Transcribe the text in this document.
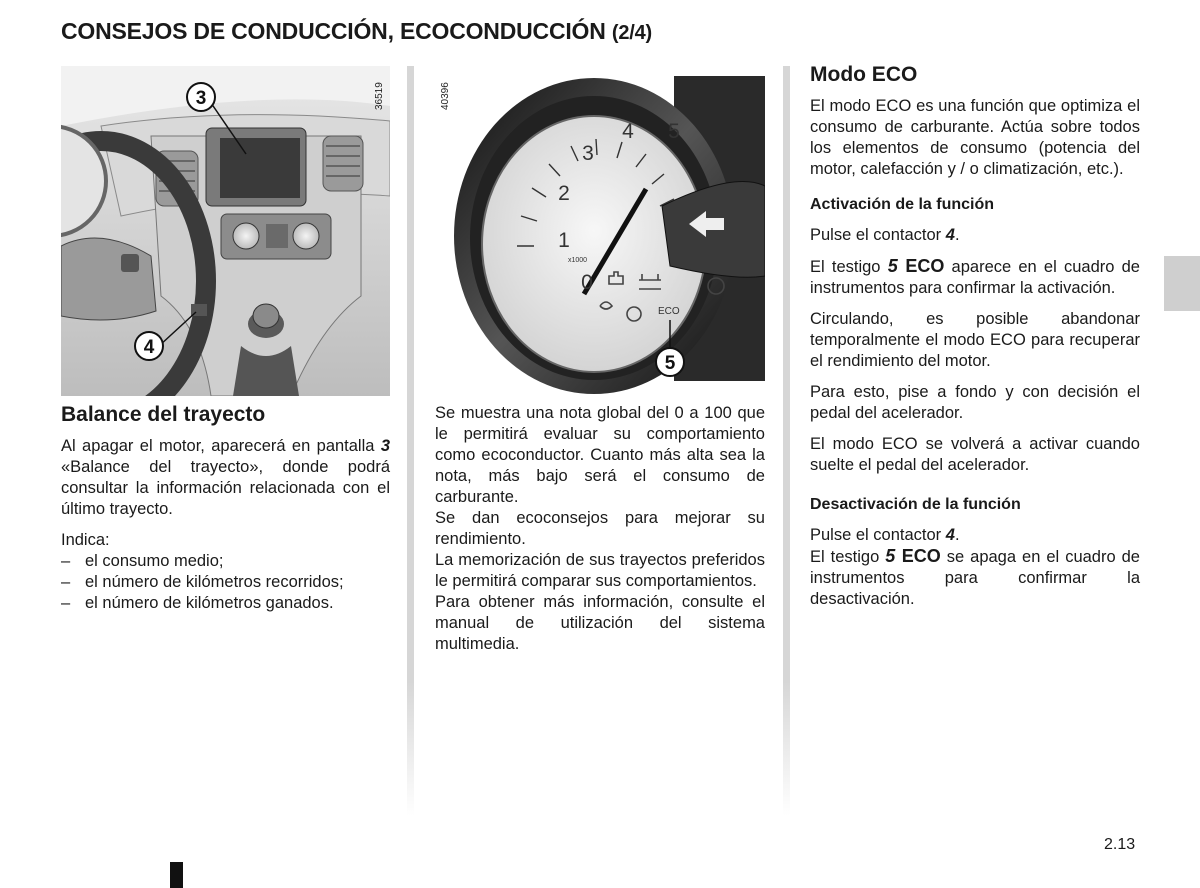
CONSEJOS DE CONDUCCIÓN, ECOCONDUCCIÓN (2/4)
3
4
36519
1
2
3
4 5
0
x1000
ECO
5
40396

Balance del trayecto

Al apagar el motor, aparecerá en pantalla 3 «Balance del trayecto», donde podrá consultar la información relacionada con el último trayecto.

Indica:

– el consumo medio;
– el número de kilómetros recorridos;
– el número de kilómetros ganados.

Se muestra una nota global del 0 a 100 que le permitirá evaluar su comportamiento como ecoconductor. Cuanto más alta sea la nota, más bajo será el consumo de carburante.

Se dan ecoconsejos para mejorar su rendimiento.

La memorización de sus trayectos preferidos le permitirá comparar sus comportamientos.

Para obtener más información, consulte el manual de utilización del sistema multimedia.

Modo ECO

El modo ECO es una función que optimiza el consumo de carburante. Actúa sobre todos los elementos de consumo (potencia del motor, calefacción y / o climatización, etc.).

Activación de la función

Pulse el contactor 4.

El testigo 5 ECO aparece en el cuadro de instrumentos para confirmar la activación.

Circulando, es posible abandonar temporalmente el modo ECO para recuperar el rendimiento del motor.

Para esto, pise a fondo y con decisión el pedal del acelerador.

El modo ECO se volverá a activar cuando suelte el pedal del acelerador.

Desactivación de la función

Pulse el contactor 4.

El testigo 5 ECO se apaga en el cuadro de instrumentos para confirmar la desactivación.

2.13
